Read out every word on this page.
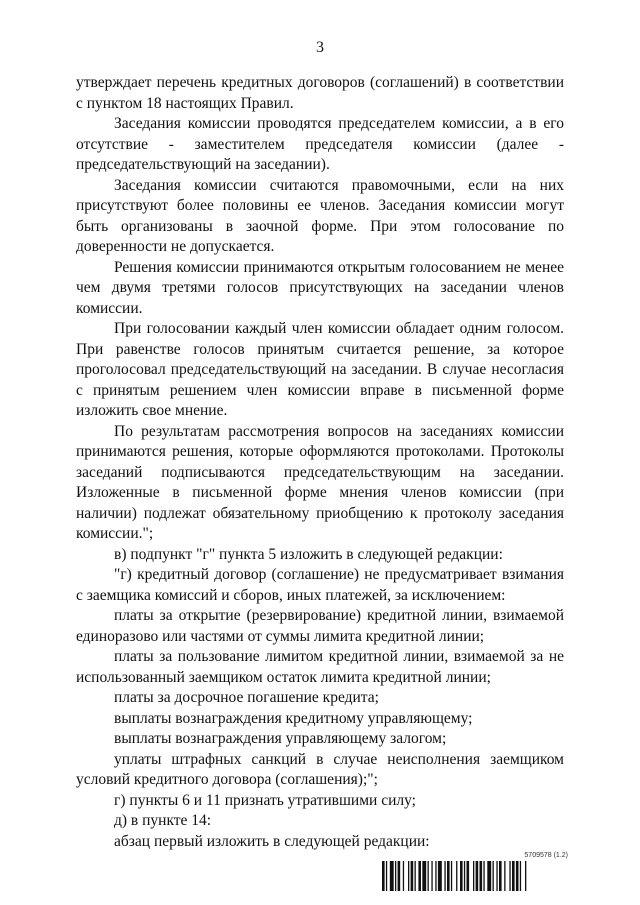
3

утверждает перечень кредитных договоров (соглашений) в соответствии с пунктом 18 настоящих Правил.

Заседания комиссии проводятся председателем комиссии, а в его отсутствие - заместителем председателя комиссии (далее - председательствующий на заседании).

Заседания комиссии считаются правомочными, если на них присутствуют более половины ее членов. Заседания комиссии могут быть организованы в заочной форме. При этом голосование по доверенности не допускается.

Решения комиссии принимаются открытым голосованием не менее чем двумя третями голосов присутствующих на заседании членов комиссии.

При голосовании каждый член комиссии обладает одним голосом. При равенстве голосов принятым считается решение, за которое проголосовал председательствующий на заседании. В случае несогласия с принятым решением член комиссии вправе в письменной форме изложить свое мнение.

По результатам рассмотрения вопросов на заседаниях комиссии принимаются решения, которые оформляются протоколами. Протоколы заседаний подписываются председательствующим на заседании. Изложенные в письменной форме мнения членов комиссии (при наличии) подлежат обязательному приобщению к протоколу заседания комиссии.";

в) подпункт "г" пункта 5 изложить в следующей редакции:

"г) кредитный договор (соглашение) не предусматривает взимания с заемщика комиссий и сборов, иных платежей, за исключением:

платы за открытие (резервирование) кредитной линии, взимаемой единоразово или частями от суммы лимита кредитной линии;

платы за пользование лимитом кредитной линии, взимаемой за не использованный заемщиком остаток лимита кредитной линии;

платы за досрочное погашение кредита;

выплаты вознаграждения кредитному управляющему;

выплаты вознаграждения управляющему залогом;

уплаты штрафных санкций в случае неисполнения заемщиком условий кредитного договора (соглашения);";

г) пункты 6 и 11 признать утратившими силу;

д) в пункте 14:

абзац первый изложить в следующей редакции:

5709578 (1.2)
